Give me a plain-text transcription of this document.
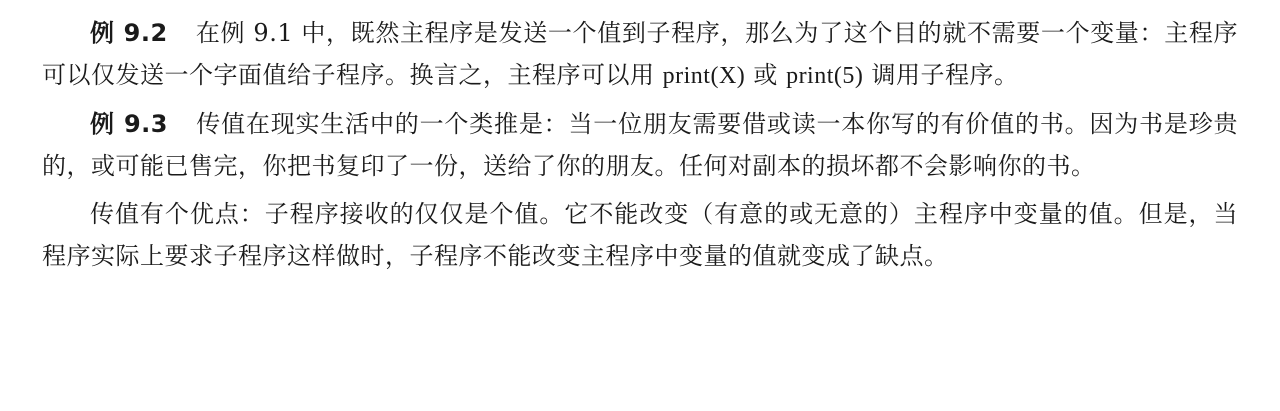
例 9.2 在例 9.1 中，既然主程序是发送一个值到子程序，那么为了这个目的就不需要一个变量：主程序可以仅发送一个字面值给子程序。换言之，主程序可以用 print(X) 或 print(5) 调用子程序。

例 9.3 传值在现实生活中的一个类推是：当一位朋友需要借或读一本你写的有价值的书。因为书是珍贵的，或可能已售完，你把书复印了一份，送给了你的朋友。任何对副本的损坏都不会影响你的书。

传值有个优点：子程序接收的仅仅是个值。它不能改变（有意的或无意的）主程序中变量的值。但是，当程序实际上要求子程序这样做时，子程序不能改变主程序中变量的值就变成了缺点。
